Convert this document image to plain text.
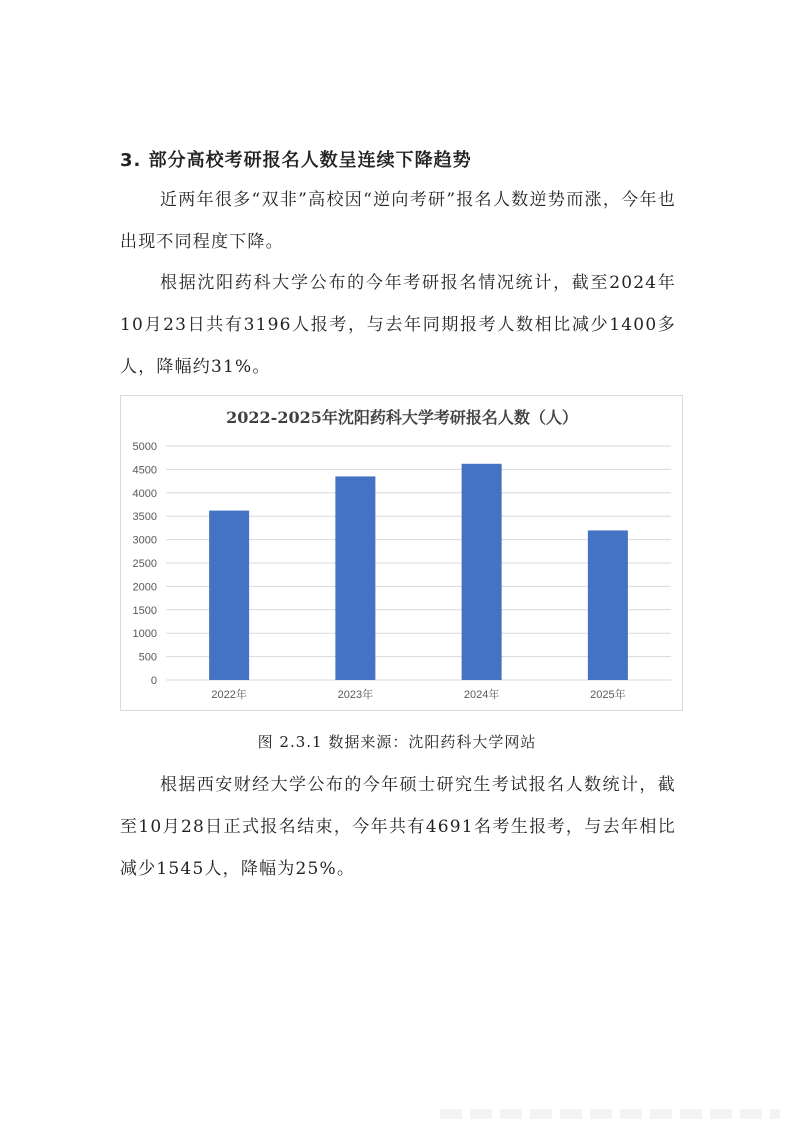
3. 部分高校考研报名人数呈连续下降趋势
近两年很多“双非”高校因“逆向考研”报名人数逆势而涨，今年也出现不同程度下降。
根据沈阳药科大学公布的今年考研报名情况统计，截至2024年10月23日共有3196人报考，与去年同期报考人数相比减少1400多人，降幅约31%。
2022-2025年沈阳药科大学考研报名人数（人）
0
500
1000
1500
2000
2500
3000
3500
4000
4500
5000
2022年	2023年	2024年	2025年
图 2.3.1 数据来源：沈阳药科大学网站
根据西安财经大学公布的今年硕士研究生考试报名人数统计，截至10月28日正式报名结束，今年共有4691名考生报考，与去年相比减少1545人，降幅为25%。
